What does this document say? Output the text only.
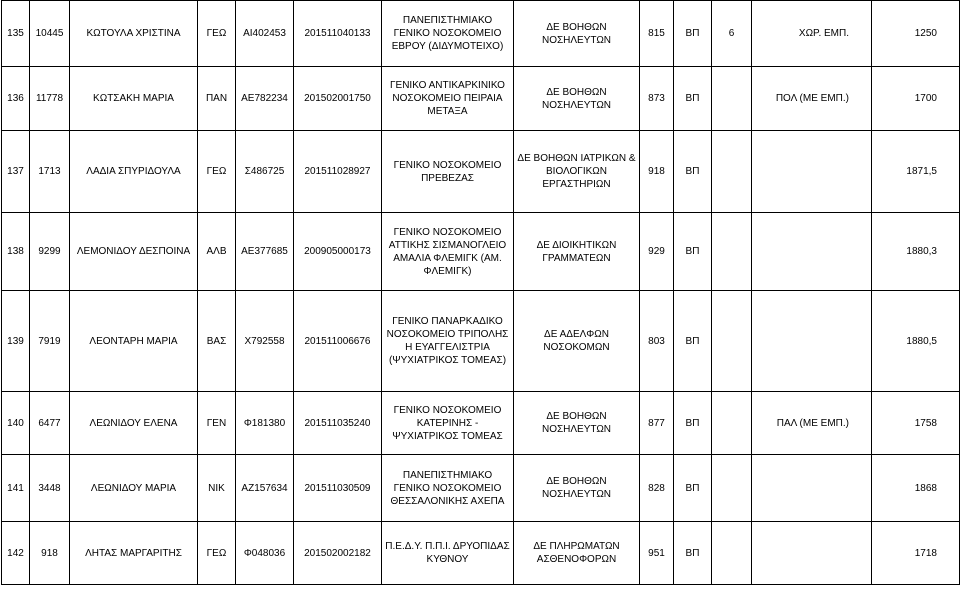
135	10445	ΚΩΤΟΥΛΑ ΧΡΙΣΤΙΝΑ	ΓΕΩ	ΑΙ402453	201511040133	ΠΑΝΕΠΙΣΤΗΜΙΑΚΟ ΓΕΝΙΚΟ ΝΟΣΟΚΟΜΕΙΟ ΕΒΡΟΥ (ΔΙΔΥΜΟΤΕΙΧΟ)	ΔΕ ΒΟΗΘΩΝ ΝΟΣΗΛΕΥΤΩΝ	815	ΒΠ	6	ΧΩΡ. ΕΜΠ.	1250
136	11778	ΚΩΤΣΑΚΗ ΜΑΡΙΑ	ΠΑΝ	ΑΕ782234	201502001750	ΓΕΝΙΚΟ ΑΝΤΙΚΑΡΚΙΝΙΚΟ ΝΟΣΟΚΟΜΕΙΟ ΠΕΙΡΑΙΑ ΜΕΤΑΞΑ	ΔΕ ΒΟΗΘΩΝ ΝΟΣΗΛΕΥΤΩΝ	873	ΒΠ		ΠΟΛ (ΜΕ ΕΜΠ.)	1700
137	1713	ΛΑΔΙΑ ΣΠΥΡΙΔΟΥΛΑ	ΓΕΩ	Σ486725	201511028927	ΓΕΝΙΚΟ ΝΟΣΟΚΟΜΕΙΟ ΠΡΕΒΕΖΑΣ	ΔΕ ΒΟΗΘΩΝ ΙΑΤΡΙΚΩΝ & ΒΙΟΛΟΓΙΚΩΝ ΕΡΓΑΣΤΗΡΙΩΝ	918	ΒΠ			1871,5
138	9299	ΛΕΜΟΝΙΔΟΥ ΔΕΣΠΟΙΝΑ	ΑΛΒ	ΑΕ377685	200905000173	ΓΕΝΙΚΟ ΝΟΣΟΚΟΜΕΙΟ ΑΤΤΙΚΗΣ ΣΙΣΜΑΝΟΓΛΕΙΟ ΑΜΑΛΙΑ ΦΛΕΜΙΓΚ (ΑΜ. ΦΛΕΜΙΓΚ)	ΔΕ ΔΙΟΙΚΗΤΙΚΩΝ ΓΡΑΜΜΑΤΕΩΝ	929	ΒΠ			1880,3
139	7919	ΛΕΟΝΤΑΡΗ ΜΑΡΙΑ	ΒΑΣ	Χ792558	201511006676	ΓΕΝΙΚΟ ΠΑΝΑΡΚΑΔΙΚΟ ΝΟΣΟΚΟΜΕΙΟ ΤΡΙΠΟΛΗΣ Η ΕΥΑΓΓΕΛΙΣΤΡΙΑ (ΨΥΧΙΑΤΡΙΚΟΣ ΤΟΜΕΑΣ)	ΔΕ ΑΔΕΛΦΩΝ ΝΟΣΟΚΟΜΩΝ	803	ΒΠ			1880,5
140	6477	ΛΕΩΝΙΔΟΥ ΕΛΕΝΑ	ΓΕΝ	Φ181380	201511035240	ΓΕΝΙΚΟ ΝΟΣΟΚΟΜΕΙΟ ΚΑΤΕΡΙΝΗΣ - ΨΥΧΙΑΤΡΙΚΟΣ ΤΟΜΕΑΣ	ΔΕ ΒΟΗΘΩΝ ΝΟΣΗΛΕΥΤΩΝ	877	ΒΠ		ΠΑΛ (ΜΕ ΕΜΠ.)	1758
141	3448	ΛΕΩΝΙΔΟΥ ΜΑΡΙΑ	ΝΙΚ	ΑΖ157634	201511030509	ΠΑΝΕΠΙΣΤΗΜΙΑΚΟ ΓΕΝΙΚΟ ΝΟΣΟΚΟΜΕΙΟ ΘΕΣΣΑΛΟΝΙΚΗΣ ΑΧΕΠΑ	ΔΕ ΒΟΗΘΩΝ ΝΟΣΗΛΕΥΤΩΝ	828	ΒΠ			1868
142	918	ΛΗΤΑΣ ΜΑΡΓΑΡΙΤΗΣ	ΓΕΩ	Φ048036	201502002182	Π.Ε.Δ.Υ. Π.Π.Ι. ΔΡΥΟΠΙΔΑΣ ΚΥΘΝΟΥ	ΔΕ ΠΛΗΡΩΜΑΤΩΝ ΑΣΘΕΝΟΦΟΡΩΝ	951	ΒΠ			1718
